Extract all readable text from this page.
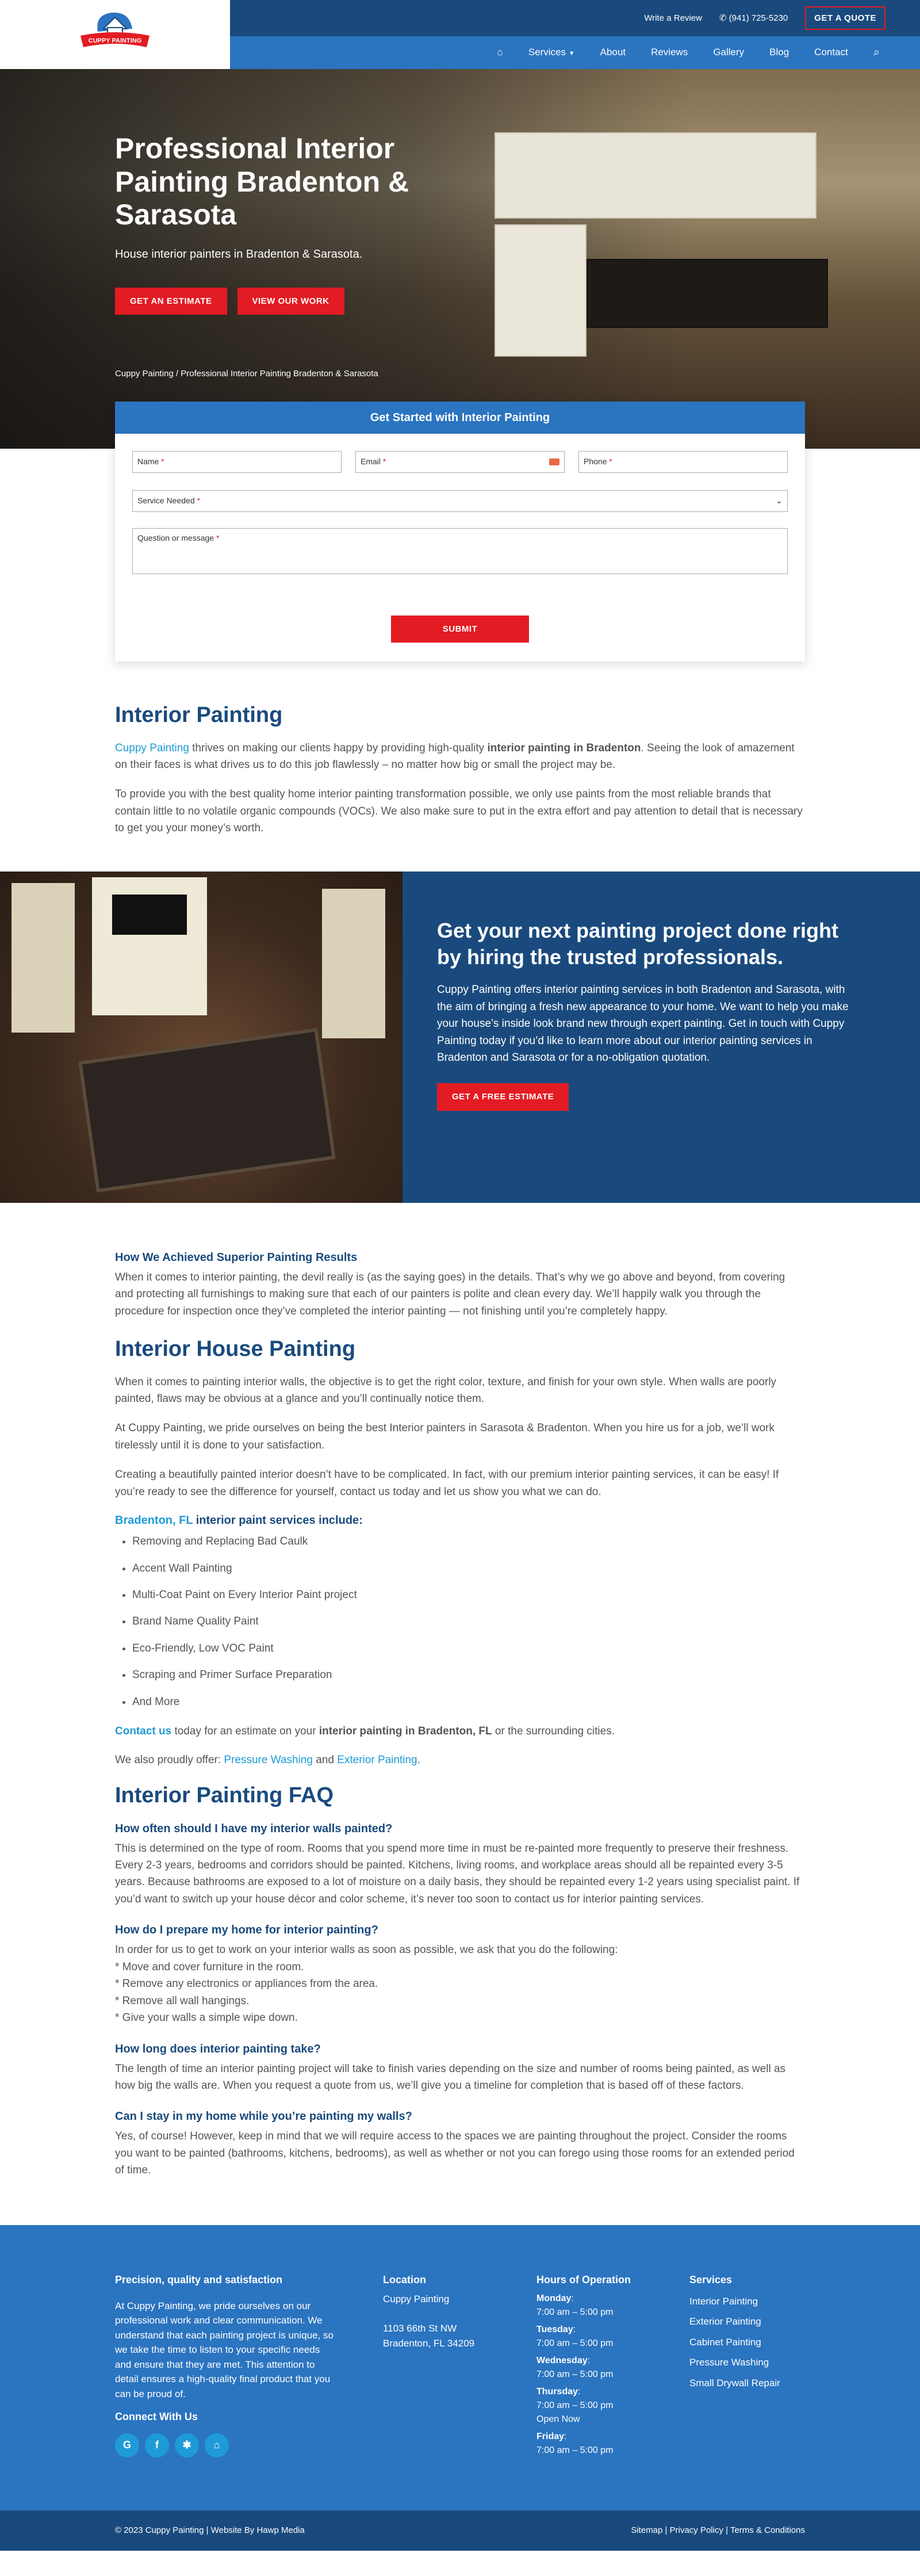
CUPPY PAINTING
Write a Review ✆ (941) 725-5230	GET A QUOTE
⌂	Services ▼	About	Reviews	Gallery	Blog	Contact ⌕
Professional Interior Painting Bradenton & Sarasota

House interior painters in Bradenton & Sarasota.

GET AN ESTIMATE	VIEW OUR WORK
Cuppy Painting / Professional Interior Painting Bradenton & Sarasota
Get Started with Interior Painting
Name *	Email *	Phone *
Service Needed *	⌄
Question or message *
SUBMIT
Interior Painting

Cuppy Painting thrives on making our clients happy by providing high-quality interior painting in Bradenton. Seeing the look of amazement on their faces is what drives us to do this job flawlessly – no matter how big or small the project may be.

To provide you with the best quality home interior painting transformation possible, we only use paints from the most reliable brands that contain little to no volatile organic compounds (VOCs). We also make sure to put in the extra effort and pay attention to detail that is necessary to get you your money’s worth.

Get your next painting project done right by hiring the trusted professionals.

Cuppy Painting offers interior painting services in both Bradenton and Sarasota, with the aim of bringing a fresh new appearance to your home. We want to help you make your house’s inside look brand new through expert painting. Get in touch with Cuppy Painting today if you’d like to learn more about our interior painting services in Bradenton and Sarasota or for a no-obligation quotation.

GET A FREE ESTIMATE
How We Achieved Superior Painting Results

When it comes to interior painting, the devil really is (as the saying goes) in the details. That’s why we go above and beyond, from covering and protecting all furnishings to making sure that each of our painters is polite and clean every day. We’ll happily walk you through the procedure for inspection once they’ve completed the interior painting — not finishing until you’re completely happy.

Interior House Painting

When it comes to painting interior walls, the objective is to get the right color, texture, and finish for your own style. When walls are poorly painted, flaws may be obvious at a glance and you’ll continually notice them.

At Cuppy Painting, we pride ourselves on being the best Interior painters in Sarasota & Bradenton. When you hire us for a job, we’ll work tirelessly until it is done to your satisfaction.

Creating a beautifully painted interior doesn’t have to be complicated. In fact, with our premium interior painting services, it can be easy! If you’re ready to see the difference for yourself, contact us today and let us show you what we can do.

Bradenton, FL interior paint services include:
• Removing and Replacing Bad Caulk
• Accent Wall Painting
• Multi-Coat Paint on Every Interior Paint project
• Brand Name Quality Paint
• Eco-Friendly, Low VOC Paint
• Scraping and Primer Surface Preparation
• And More

Contact us today for an estimate on your interior painting in Bradenton, FL or the surrounding cities.

We also proudly offer: Pressure Washing and Exterior Painting.

Interior Painting FAQ
How often should I have my interior walls painted?

This is determined on the type of room. Rooms that you spend more time in must be re-painted more frequently to preserve their freshness. Every 2-3 years, bedrooms and corridors should be painted. Kitchens, living rooms, and workplace areas should all be repainted every 3-5 years. Because bathrooms are exposed to a lot of moisture on a daily basis, they should be repainted every 1-2 years using specialist paint. If you’d want to switch up your house décor and color scheme, it’s never too soon to contact us for interior painting services.

How do I prepare my home for interior painting?

In order for us to get to work on your interior walls as soon as possible, we ask that you do the following:

* Move and cover furniture in the room.

* Remove any electronics or appliances from the area.

* Remove all wall hangings.

* Give your walls a simple wipe down.

How long does interior painting take?

The length of time an interior painting project will take to finish varies depending on the size and number of rooms being painted, as well as how big the walls are. When you request a quote from us, we’ll give you a timeline for completion that is based off of these factors.

Can I stay in my home while you’re painting my walls?

Yes, of course! However, keep in mind that we will require access to the spaces we are painting throughout the project. Consider the rooms you want to be painted (bathrooms, kitchens, bedrooms), as well as whether or not you can forego using those rooms for an extended period of time.

Precision, quality and satisfaction

At Cuppy Painting, we pride ourselves on our professional work and clear communication. We understand that each painting project is unique, so we take the time to listen to your specific needs and ensure that they are met. This attention to detail ensures a high-quality final product that you can be proud of.

Connect With Us
G	f	✱	⌂
Location

Cuppy Painting

1103 66th St NW

Bradenton, FL 34209

Hours of Operation

Monday:

7:00 am – 5:00 pm

Tuesday:

7:00 am – 5:00 pm

Wednesday:

7:00 am – 5:00 pm

Thursday:

7:00 am – 5:00 pm

Open Now

Friday:

7:00 am – 5:00 pm

Services

Interior Painting

Exterior Painting

Cabinet Painting

Pressure Washing

Small Drywall Repair

© 2023 Cuppy Painting | Website By Hawp Media	Sitemap | Privacy Policy | Terms & Conditions
